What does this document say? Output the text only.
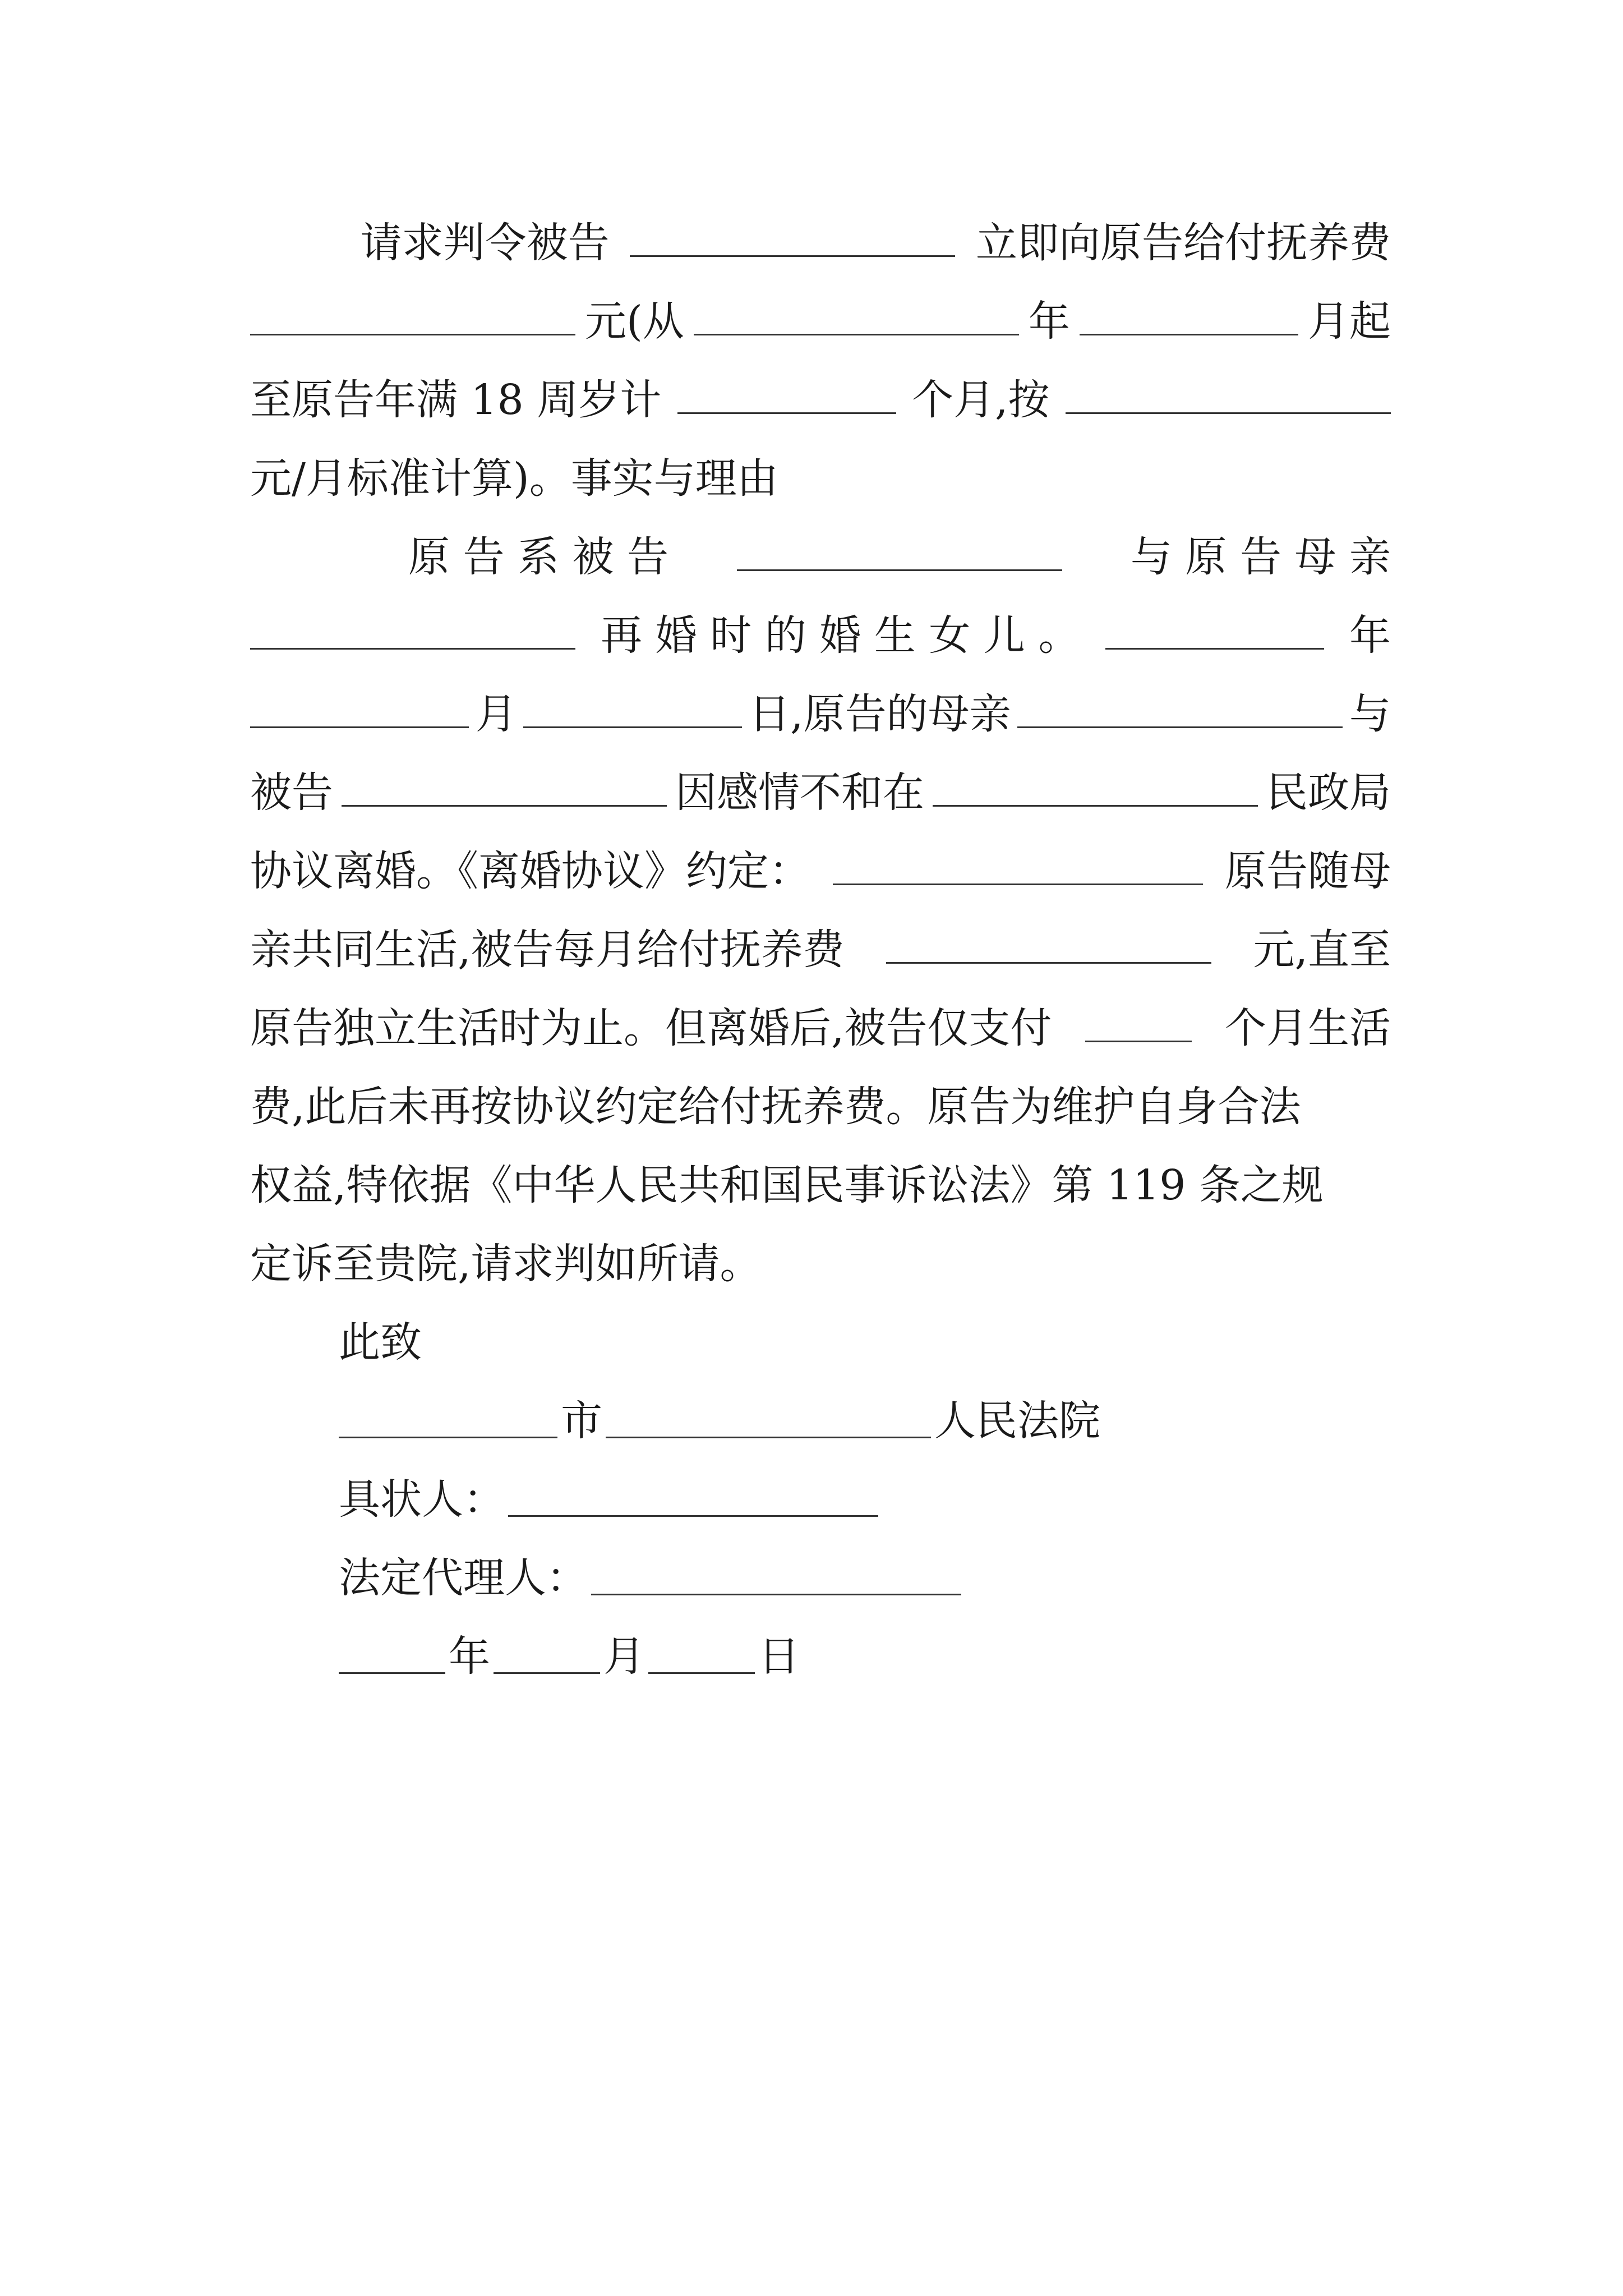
请求判令被告	立即向原告给付抚养费
元(从	年	月起
至原告年满 18 周岁计	个月,按
元/月标准计算)。事实与理由
原 告 系 被 告	与 原 告 母 亲
再 婚 时 的 婚 生 女 儿 。	年
月	日,原告的母亲	与
被告	因感情不和在	民政局
协议离婚。《离婚协议》约定：	原告随母
亲共同生活,被告每月给付抚养费	元,直至
原告独立生活时为止。但离婚后,被告仅支付	个月生活
费,此后未再按协议约定给付抚养费。原告为维护自身合法
权益,特依据《中华人民共和国民事诉讼法》第 119 条之规
定诉至贵院,请求判如所请。
此致
市	人民法院
具状人：
法定代理人：
年	月	日
